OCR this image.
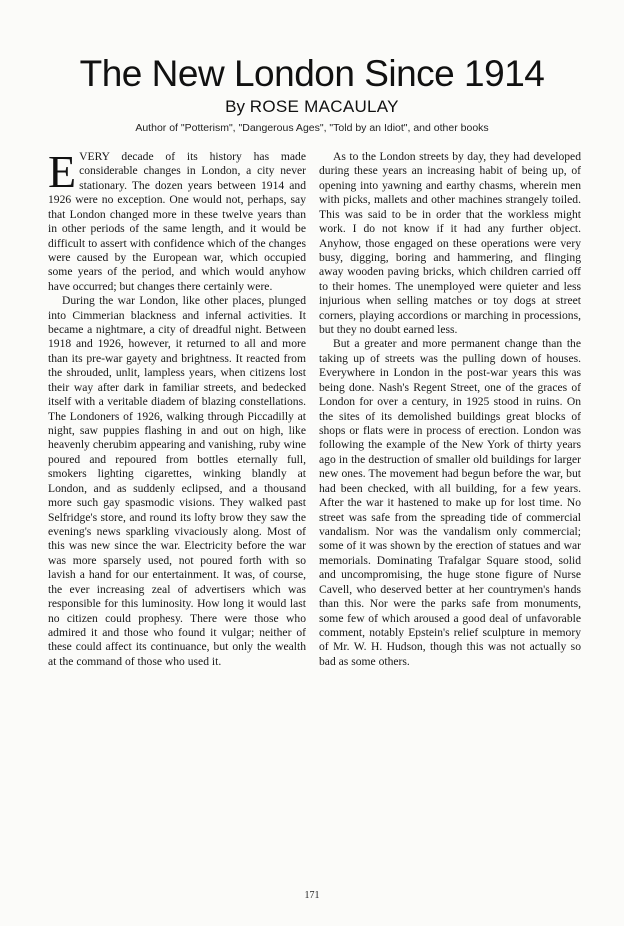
The New London Since 1914

By ROSE MACAULAY

Author of "Potterism", "Dangerous Ages", "Told by an Idiot", and other books

EVERY decade of its history has made considerable changes in London, a city never stationary. The dozen years between 1914 and 1926 were no exception. One would not, perhaps, say that London changed more in these twelve years than in other periods of the same length, and it would be difficult to assert with confidence which of the changes were caused by the European war, which occupied some years of the period, and which would anyhow have occurred; but changes there certainly were.

During the war London, like other places, plunged into Cimmerian blackness and infernal activities. It became a nightmare, a city of dreadful night. Between 1918 and 1926, however, it returned to all and more than its pre-war gayety and brightness. It reacted from the shrouded, unlit, lampless years, when citizens lost their way after dark in familiar streets, and bedecked itself with a veritable diadem of blazing constellations. The Londoners of 1926, walking through Piccadilly at night, saw puppies flashing in and out on high, like heavenly cherubim appearing and vanishing, ruby wine poured and repoured from bottles eternally full, smokers lighting cigarettes, winking blandly at London, and as suddenly eclipsed, and a thousand more such gay spasmodic visions. They walked past Selfridge's store, and round its lofty brow they saw the evening's news sparkling vivaciously along. Most of this was new since the war. Electricity before the war was more sparsely used, not poured forth with so lavish a hand for our entertainment. It was, of course, the ever increasing zeal of advertisers which was responsible for this luminosity. How long it would last no citizen could prophesy. There were those who admired it and those who found it vulgar; neither of these could affect its continuance, but only the wealth at the command of those who used it.

As to the London streets by day, they had developed during these years an increasing habit of being up, of opening into yawning and earthy chasms, wherein men with picks, mallets and other machines strangely toiled. This was said to be in order that the workless might work. I do not know if it had any further object. Anyhow, those engaged on these operations were very busy, digging, boring and hammering, and flinging away wooden paving bricks, which children carried off to their homes. The unemployed were quieter and less injurious when selling matches or toy dogs at street corners, playing accordions or marching in processions, but they no doubt earned less.

But a greater and more permanent change than the taking up of streets was the pulling down of houses. Everywhere in London in the post-war years this was being done. Nash's Regent Street, one of the graces of London for over a century, in 1925 stood in ruins. On the sites of its demolished buildings great blocks of shops or flats were in process of erection. London was following the example of the New York of thirty years ago in the destruction of smaller old buildings for larger new ones. The movement had begun before the war, but had been checked, with all building, for a few years. After the war it hastened to make up for lost time. No street was safe from the spreading tide of commercial vandalism. Nor was the vandalism only commercial; some of it was shown by the erection of statues and war memorials. Dominating Trafalgar Square stood, solid and uncompromising, the huge stone figure of Nurse Cavell, who deserved better at her countrymen's hands than this. Nor were the parks safe from monuments, some few of which aroused a good deal of unfavorable comment, notably Epstein's relief sculpture in memory of Mr. W. H. Hudson, though this was not actually so bad as some others.

171
